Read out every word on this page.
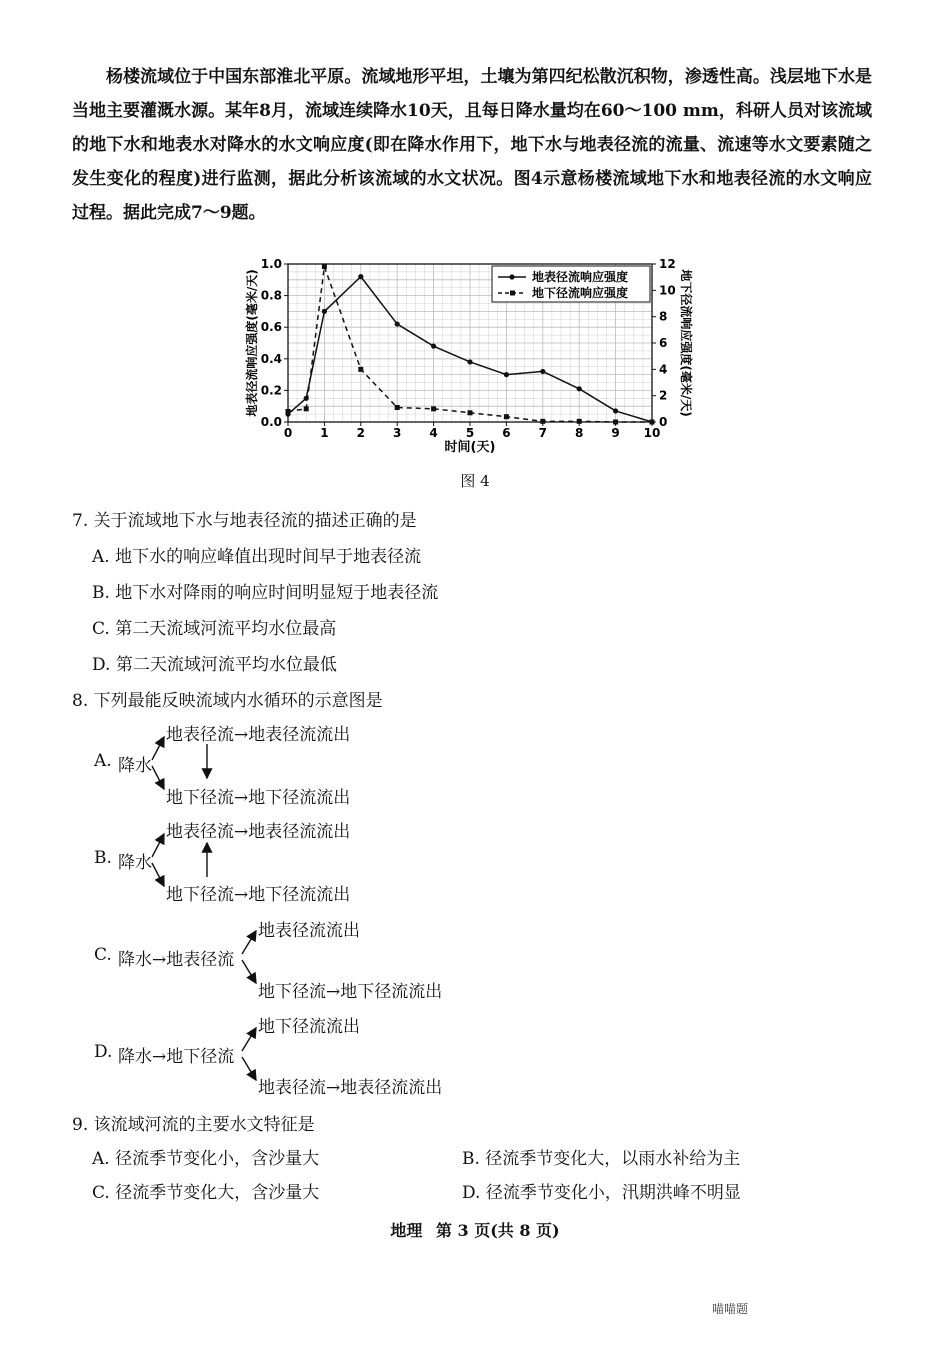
杨楼流域位于中国东部淮北平原。流域地形平坦，土壤为第四纪松散沉积物，渗透性高。浅层地下水是当地主要灌溉水源。某年8月，流域连续降水10天，且每日降水量均在60～100 mm，科研人员对该流域的地下水和地表水对降水的水文响应度(即在降水作用下，地下水与地表径流的流量、流速等水文要素随之发生变化的程度)进行监测，据此分析该流域的水文状况。图4示意杨楼流域地下水和地表径流的水文响应过程。据此完成7～9题。

0 1 2 3 4 5 6 7 8 9 10
0.0
0.2
0.4
0.6
0.8
1.0
0
2
4
6
8
10
12
时间(天)
地表径流响应强度(毫米/天)	地下径流响应强度(毫米/天)
地表径流响应强度
地下径流响应强度
图 4
7. 关于流域地下水与地表径流的描述正确的是
A. 地下水的响应峰值出现时间早于地表径流
B. 地下水对降雨的响应时间明显短于地表径流
C. 第二天流域河流平均水位最高
D. 第二天流域河流平均水位最低
8. 下列最能反映流域内水循环的示意图是
A. 降水
地表径流→地表径流流出
地下径流→地下径流流出
B. 降水
地表径流→地表径流流出
地下径流→地下径流流出
C. 降水→地表径流
地表径流流出
地下径流→地下径流流出
D. 降水→地下径流
地下径流流出
地表径流→地表径流流出
9. 该流域河流的主要水文特征是
A. 径流季节变化小，含沙量大	B. 径流季节变化大，以雨水补给为主
C. 径流季节变化大，含沙量大	D. 径流季节变化小，汛期洪峰不明显
地理 第 3 页(共 8 页)
喵喵题
